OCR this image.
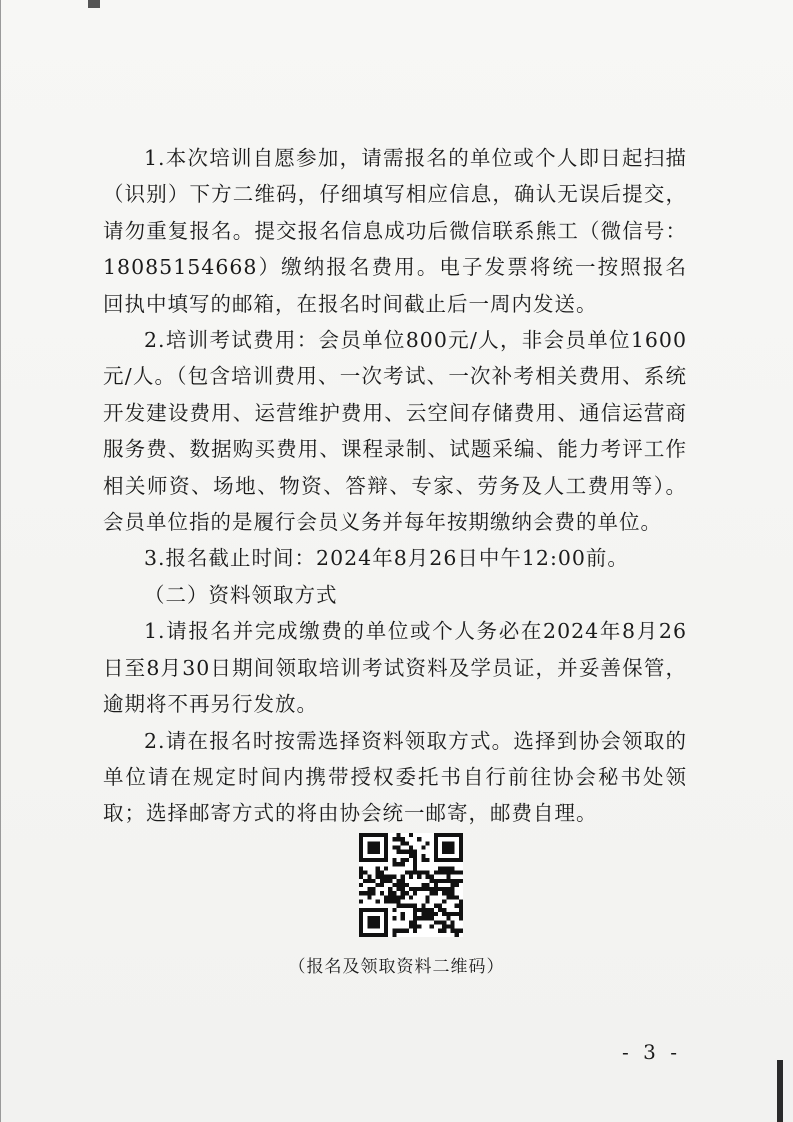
1.本次培训自愿参加，请需报名的单位或个人即日起扫描（识别）下方二维码，仔细填写相应信息，确认无误后提交，请勿重复报名。提交报名信息成功后微信联系熊工（微信号：18085154668）缴纳报名费用。电子发票将统一按照报名回执中填写的邮箱，在报名时间截止后一周内发送。

2.培训考试费用：会员单位800元/人，非会员单位1600元/人。（包含培训费用、一次考试、一次补考相关费用、系统开发建设费用、运营维护费用、云空间存储费用、通信运营商服务费、数据购买费用、课程录制、试题采编、能力考评工作相关师资、场地、物资、答辩、专家、劳务及人工费用等）。会员单位指的是履行会员义务并每年按期缴纳会费的单位。

3.报名截止时间：2024年8月26日中午12:00前。

（二）资料领取方式

1.请报名并完成缴费的单位或个人务必在2024年8月26日至8月30日期间领取培训考试资料及学员证，并妥善保管，逾期将不再另行发放。

2.请在报名时按需选择资料领取方式。选择到协会领取的单位请在规定时间内携带授权委托书自行前往协会秘书处领取；选择邮寄方式的将由协会统一邮寄，邮费自理。

（报名及领取资料二维码）
- 3 -
